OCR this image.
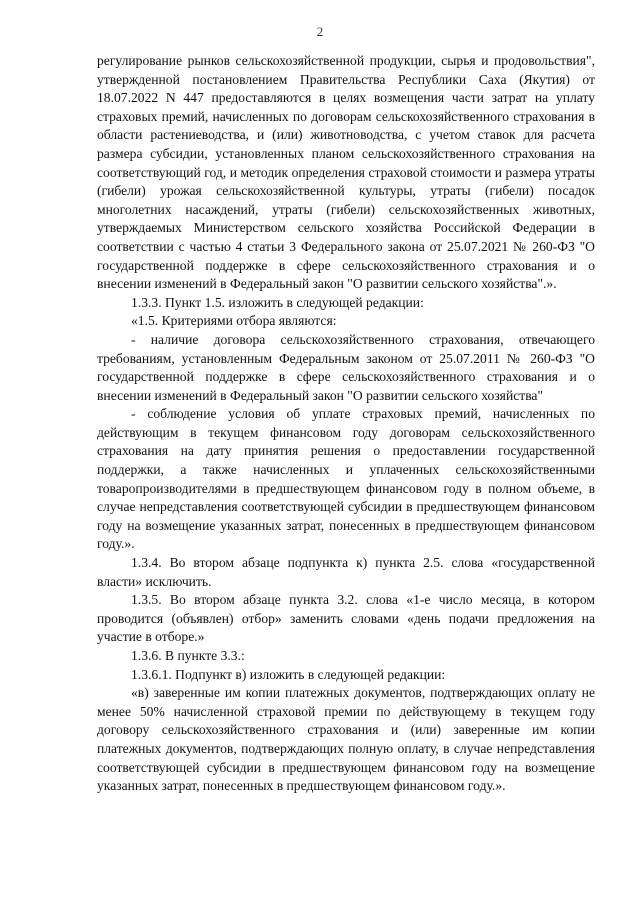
2

регулирование рынков сельскохозяйственной продукции, сырья и продовольствия", утвержденной постановлением Правительства Республики Саха (Якутия) от 18.07.2022 N 447 предоставляются в целях возмещения части затрат на уплату страховых премий, начисленных по договорам сельскохозяйственного страхования в области растениеводства, и (или) животноводства, с учетом ставок для расчета размера субсидии, установленных планом сельскохозяйственного страхования на соответствующий год, и методик определения страховой стоимости и размера утраты (гибели) урожая сельскохозяйственной культуры, утраты (гибели) посадок многолетних насаждений, утраты (гибели) сельскохозяйственных животных, утверждаемых Министерством сельского хозяйства Российской Федерации в соответствии с частью 4 статьи 3 Федерального закона от 25.07.2021 № 260-ФЗ "О государственной поддержке в сфере сельскохозяйственного страхования и о внесении изменений в Федеральный закон "О развитии сельского хозяйства".».

1.3.3. Пункт 1.5. изложить в следующей редакции:

«1.5. Критериями отбора являются:

- наличие договора сельскохозяйственного страхования, отвечающего требованиям, установленным Федеральным законом от 25.07.2011 № 260-ФЗ "О государственной поддержке в сфере сельскохозяйственного страхования и о внесении изменений в Федеральный закон "О развитии сельского хозяйства"

- соблюдение условия об уплате страховых премий, начисленных по действующим в текущем финансовом году договорам сельскохозяйственного страхования на дату принятия решения о предоставлении государственной поддержки, а также начисленных и уплаченных сельскохозяйственными товаропроизводителями в предшествующем финансовом году в полном объеме, в случае непредставления соответствующей субсидии в предшествующем финансовом году на возмещение указанных затрат, понесенных в предшествующем финансовом году.».

1.3.4. Во втором абзаце подпункта к) пункта 2.5. слова «государственной власти» исключить.

1.3.5. Во втором абзаце пункта 3.2. слова «1-е число месяца, в котором проводится (объявлен) отбор» заменить словами «день подачи предложения на участие в отборе.»

1.3.6. В пункте 3.3.:

1.3.6.1. Подпункт в) изложить в следующей редакции:

«в) заверенные им копии платежных документов, подтверждающих оплату не менее 50% начисленной страховой премии по действующему в текущем году договору сельскохозяйственного страхования и (или) заверенные им копии платежных документов, подтверждающих полную оплату, в случае непредставления соответствующей субсидии в предшествующем финансовом году на возмещение указанных затрат, понесенных в предшествующем финансовом году.».
